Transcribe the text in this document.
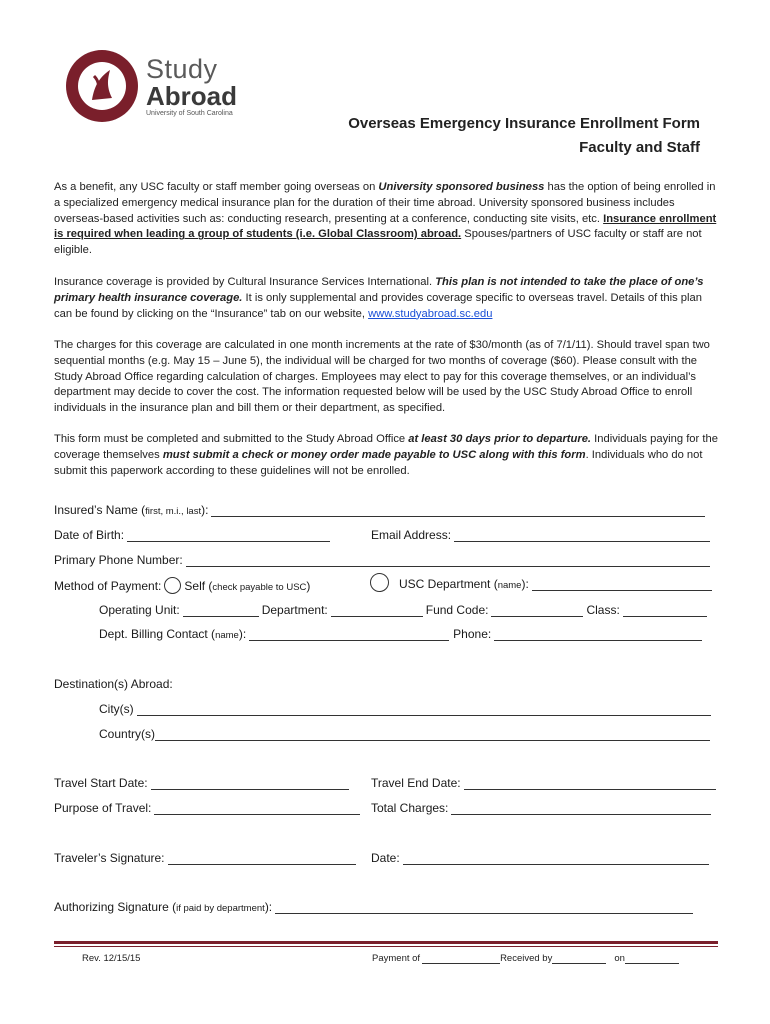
Study
Abroad
University of South Carolina
Overseas Emergency Insurance Enrollment Form
Faculty and Staff

As a benefit, any USC faculty or staff member going overseas on University sponsored business has the option of being enrolled in a specialized emergency medical insurance plan for the duration of their time abroad. University sponsored business includes overseas-based activities such as: conducting research, presenting at a conference, conducting site visits, etc. Insurance enrollment is required when leading a group of students (i.e. Global Classroom) abroad. Spouses/partners of USC faculty or staff are not eligible.

Insurance coverage is provided by Cultural Insurance Services International. This plan is not intended to take the place of one’s primary health insurance coverage. It is only supplemental and provides coverage specific to overseas travel. Details of this plan can be found by clicking on the “Insurance” tab on our website, www.studyabroad.sc.edu

The charges for this coverage are calculated in one month increments at the rate of $30/month (as of 7/1/11). Should travel span two sequential months (e.g. May 15 – June 5), the individual will be charged for two months of coverage ($60). Please consult with the Study Abroad Office regarding calculation of charges. Employees may elect to pay for this coverage themselves, or an individual’s department may decide to cover the cost. The information requested below will be used by the USC Study Abroad Office to enroll individuals in the insurance plan and bill them or their department, as specified.

This form must be completed and submitted to the Study Abroad Office at least 30 days prior to departure. Individuals paying for the coverage themselves must submit a check or money order made payable to USC along with this form. Individuals who do not submit this paperwork according to these guidelines will not be enrolled.

Insured’s Name ( first, m.i., last ):
Date of Birth:	Email Address:
Primary Phone Number:
Method of Payment: Self ( check payable to USC )	USC Department ( name ):
Operating Unit:	Department:	Fund Code:	Class:
Dept. Billing Contact ( name ):	Phone:
Destination(s) Abroad:
City(s)
Country(s)
Travel Start Date:	Travel End Date:
Purpose of Travel:	Total Charges:
Traveler’s Signature:	Date:
Authorizing Signature ( if paid by department ):
Rev. 12/15/15	Payment of	Received by	on
